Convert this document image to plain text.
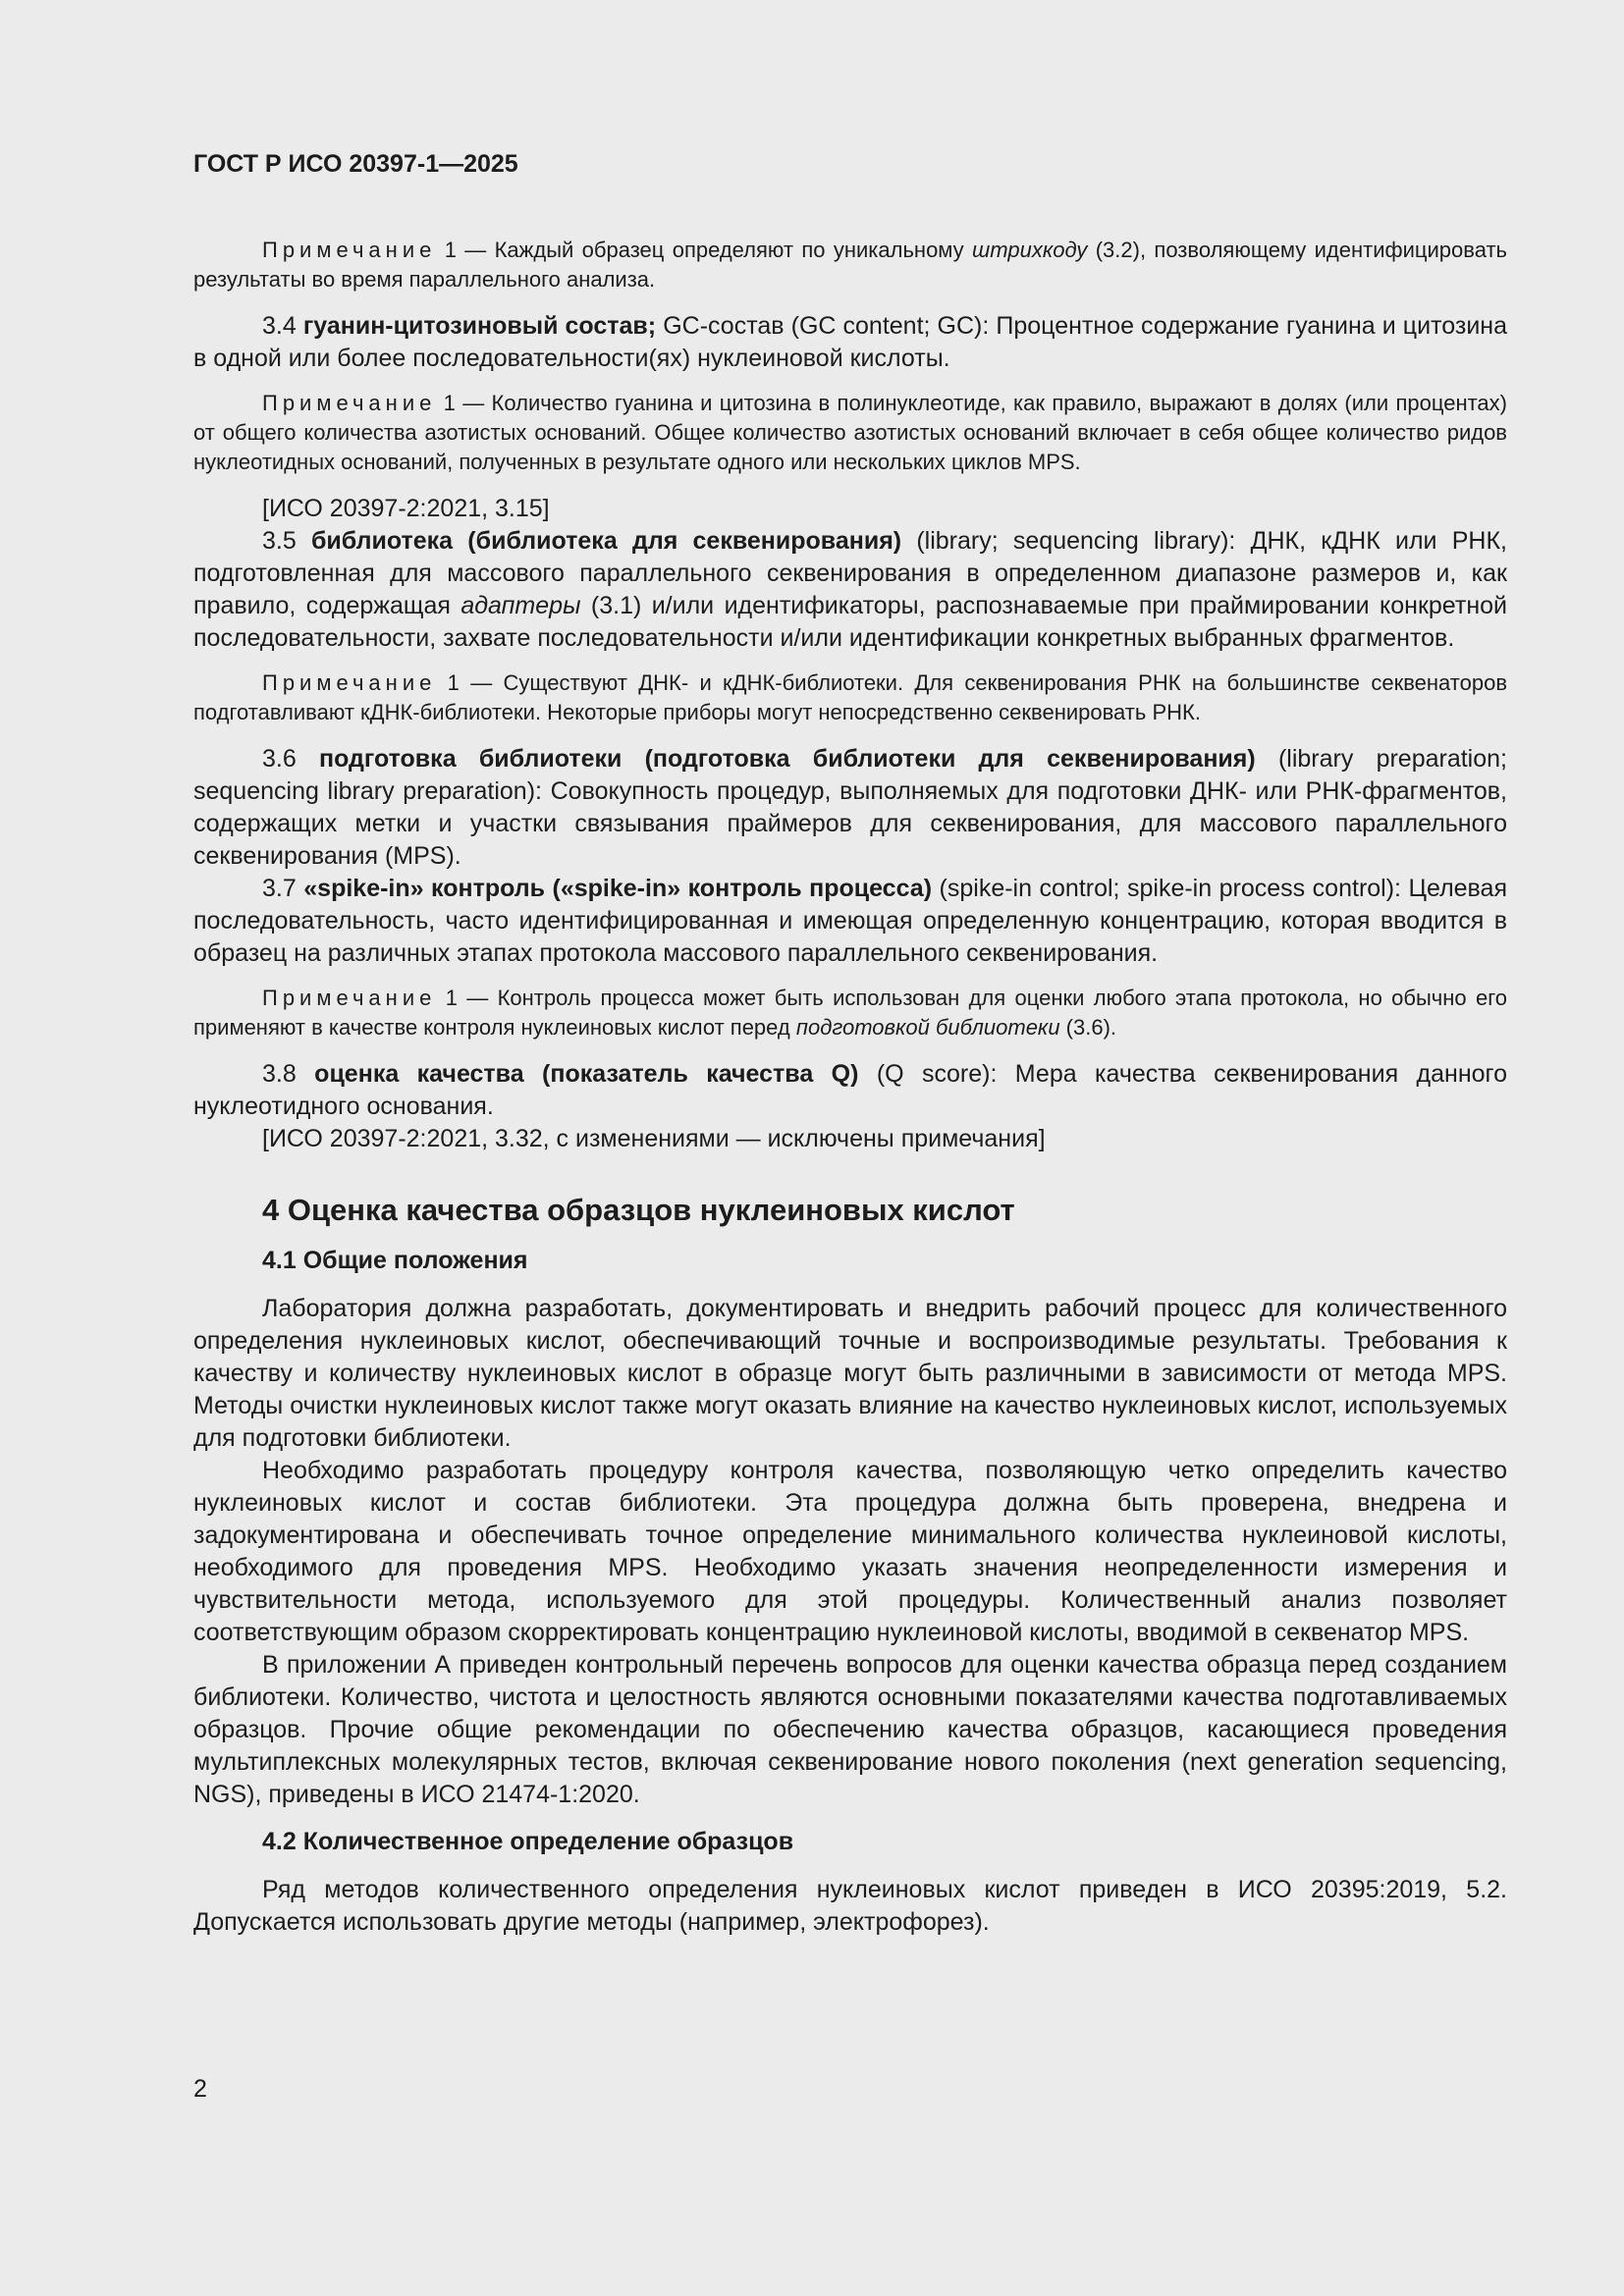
ГОСТ Р ИСО 20397-1—2025
Примечание 1 — Каждый образец определяют по уникальному штрихкоду (3.2), позволяющему идентифицировать результаты во время параллельного анализа.
3.4 гуанин-цитозиновый состав; GC-состав (GC content; GC): Процентное содержание гуанина и цитозина в одной или более последовательности(ях) нуклеиновой кислоты.
Примечание 1 — Количество гуанина и цитозина в полинуклеотиде, как правило, выражают в долях (или процентах) от общего количества азотистых оснований. Общее количество азотистых оснований включает в себя общее количество ридов нуклеотидных оснований, полученных в результате одного или нескольких циклов MPS.
[ИСО 20397-2:2021, 3.15]
3.5 библиотека (библиотека для секвенирования) (library; sequencing library): ДНК, кДНК или РНК, подготовленная для массового параллельного секвенирования в определенном диапазоне размеров и, как правило, содержащая адаптеры (3.1) и/или идентификаторы, распознаваемые при праймировании конкретной последовательности, захвате последовательности и/или идентификации конкретных выбранных фрагментов.
Примечание 1 — Существуют ДНК- и кДНК-библиотеки. Для секвенирования РНК на большинстве секвенаторов подготавливают кДНК-библиотеки. Некоторые приборы могут непосредственно секвенировать РНК.
3.6 подготовка библиотеки (подготовка библиотеки для секвенирования) (library preparation; sequencing library preparation): Совокупность процедур, выполняемых для подготовки ДНК- или РНК-фрагментов, содержащих метки и участки связывания праймеров для секвенирования, для массового параллельного секвенирования (MPS).
3.7 «spike-in» контроль («spike-in» контроль процесса) (spike-in control; spike-in process control): Целевая последовательность, часто идентифицированная и имеющая определенную концентрацию, которая вводится в образец на различных этапах протокола массового параллельного секвенирования.
Примечание 1 — Контроль процесса может быть использован для оценки любого этапа протокола, но обычно его применяют в качестве контроля нуклеиновых кислот перед подготовкой библиотеки (3.6).
3.8 оценка качества (показатель качества Q) (Q score): Мера качества секвенирования данного нуклеотидного основания.
[ИСО 20397-2:2021, 3.32, с изменениями — исключены примечания]
4 Оценка качества образцов нуклеиновых кислот
4.1 Общие положения
Лаборатория должна разработать, документировать и внедрить рабочий процесс для количественного определения нуклеиновых кислот, обеспечивающий точные и воспроизводимые результаты. Требования к качеству и количеству нуклеиновых кислот в образце могут быть различными в зависимости от метода MPS. Методы очистки нуклеиновых кислот также могут оказать влияние на качество нуклеиновых кислот, используемых для подготовки библиотеки.
Необходимо разработать процедуру контроля качества, позволяющую четко определить качество нуклеиновых кислот и состав библиотеки. Эта процедура должна быть проверена, внедрена и задокументирована и обеспечивать точное определение минимального количества нуклеиновой кислоты, необходимого для проведения MPS. Необходимо указать значения неопределенности измерения и чувствительности метода, используемого для этой процедуры. Количественный анализ позволяет соответствующим образом скорректировать концентрацию нуклеиновой кислоты, вводимой в секвенатор MPS.
В приложении А приведен контрольный перечень вопросов для оценки качества образца перед созданием библиотеки. Количество, чистота и целостность являются основными показателями качества подготавливаемых образцов. Прочие общие рекомендации по обеспечению качества образцов, касающиеся проведения мультиплексных молекулярных тестов, включая секвенирование нового поколения (next generation sequencing, NGS), приведены в ИСО 21474-1:2020.
4.2 Количественное определение образцов
Ряд методов количественного определения нуклеиновых кислот приведен в ИСО 20395:2019, 5.2. Допускается использовать другие методы (например, электрофорез).
2
